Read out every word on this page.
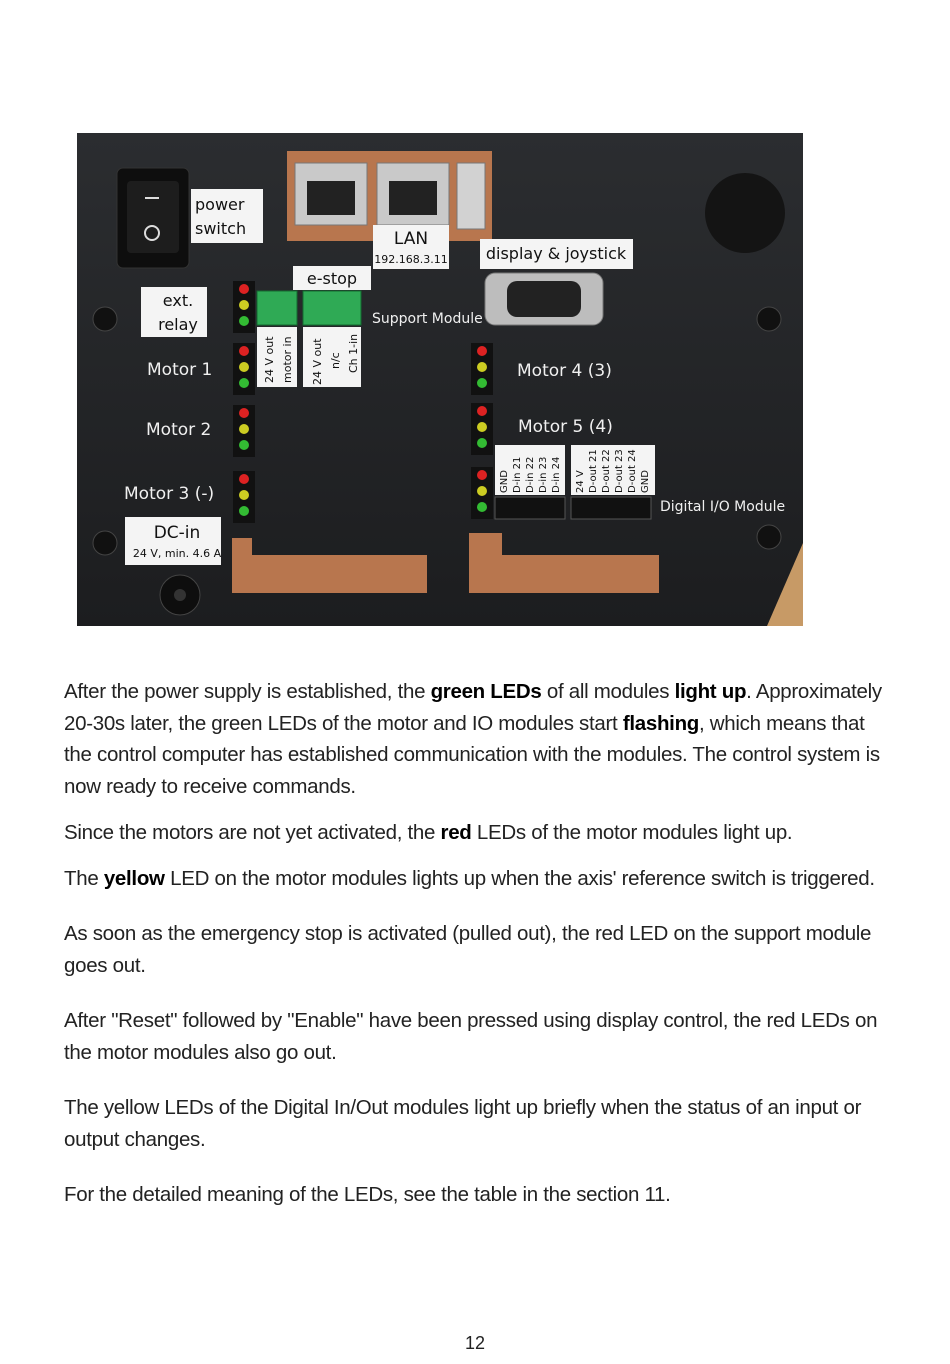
power
switch
LAN
192.168.3.11 display & joystick
ext.
relay
e-stop
Support Module
24 V out motor in 24 V out n/c Ch 1-in
Motor 1
Motor 2
Motor 3 (-)
Motor 4 (3)
Motor 5 (4)
GND D-in 21 D-in 22 D-in 23 D-in 24 24 V D-out 21 D-out 22 D-out 23 D-out 24 GND
Digital I/O Module
DC-in
24 V, min. 4.6 A

After the power supply is established, the green LEDs of all modules light up. Approximately 20-30s later, the green LEDs of the motor and IO modules start flashing, which means that the control computer has established communication with the modules. The control system is now ready to receive commands.

Since the motors are not yet activated, the red LEDs of the motor modules light up.

The yellow LED on the motor modules lights up when the axis' reference switch is triggered.

As soon as the emergency stop is activated (pulled out), the red LED on the support module goes out.

After "Reset" followed by "Enable" have been pressed using display control, the red LEDs on the motor modules also go out.

The yellow LEDs of the Digital In/Out modules light up briefly when the status of an input or output changes.

For the detailed meaning of the LEDs, see the table in the section 11.

12
